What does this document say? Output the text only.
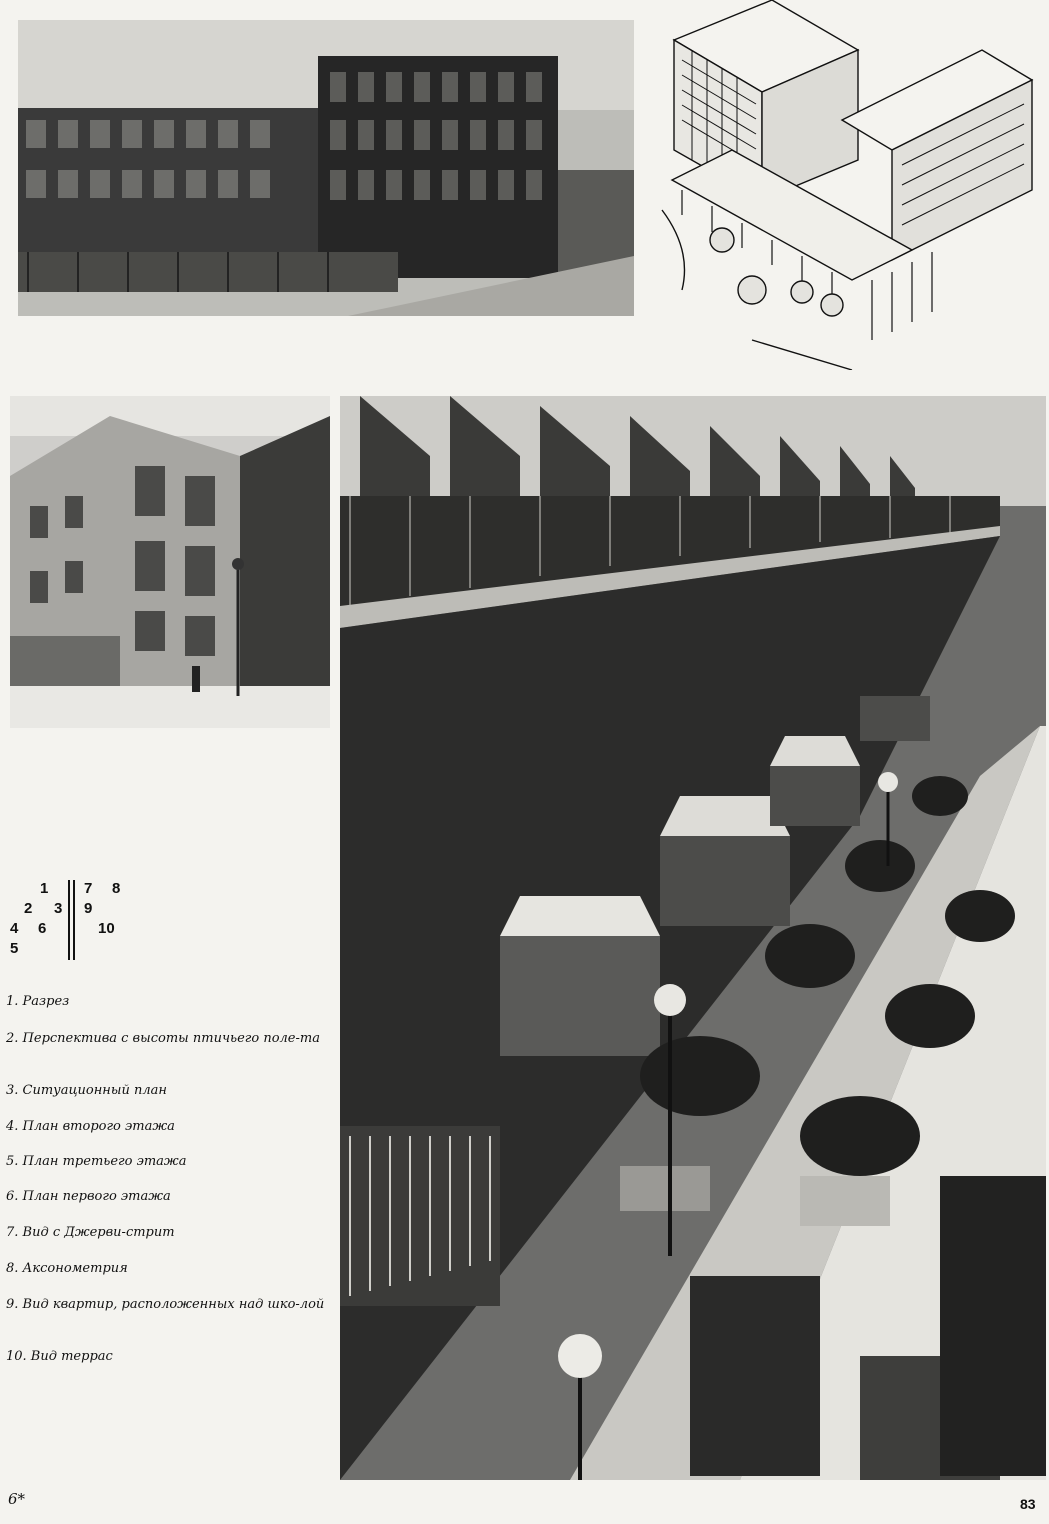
1
2 3
4 6
5
7 8
9
10
1. Разрез
2. Перспектива с высоты птичьего поле-та
3. Ситуационный план
4. План второго этажа
5. План третьего этажа
6. План первого этажа
7. Вид с Джерви-стрит
8. Аксонометрия
9. Вид квартир, расположенных над шко-лой
10. Вид террас
6*	83
